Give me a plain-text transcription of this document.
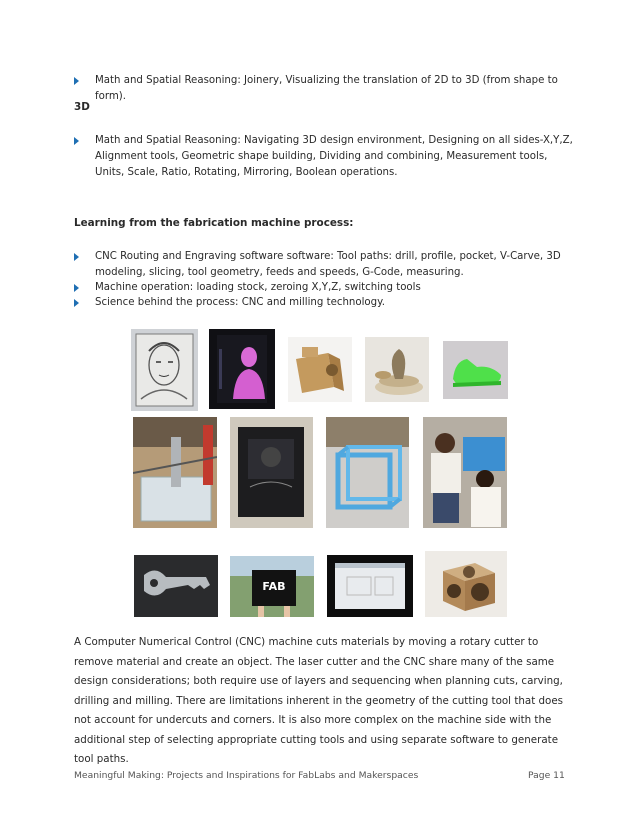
Math and Spatial Reasoning: Joinery, Visualizing the translation of 2D to 3D (from shape to form).
3D
Math and Spatial Reasoning: Navigating 3D design environment, Designing on all sides-X,Y,Z, Alignment tools, Geometric shape building, Dividing and combining, Measurement tools, Units, Scale, Ratio, Rotating, Mirroring, Boolean operations.
Learning from the fabrication machine process:
CNC Routing and Engraving software software: Tool paths: drill, profile, pocket, V-Carve, 3D modeling, slicing, tool geometry, feeds and speeds, G-Code, measuring.
Machine operation: loading stock, zeroing X,Y,Z, switching tools
Science behind the process: CNC and milling technology.
FAB
A Computer Numerical Control (CNC) machine cuts materials by moving a rotary cutter to remove material and create an object. The laser cutter and the CNC share many of the same design considerations; both require use of layers and sequencing when planning cuts, carving, drilling and milling. There are limitations inherent in the geometry of the cutting tool that does not account for undercuts and corners. It is also more complex on the machine side with the additional step of selecting appropriate cutting tools and using separate software to generate tool paths.
Meaningful Making: Projects and Inspirations for FabLabs and Makerspaces	Page 11
